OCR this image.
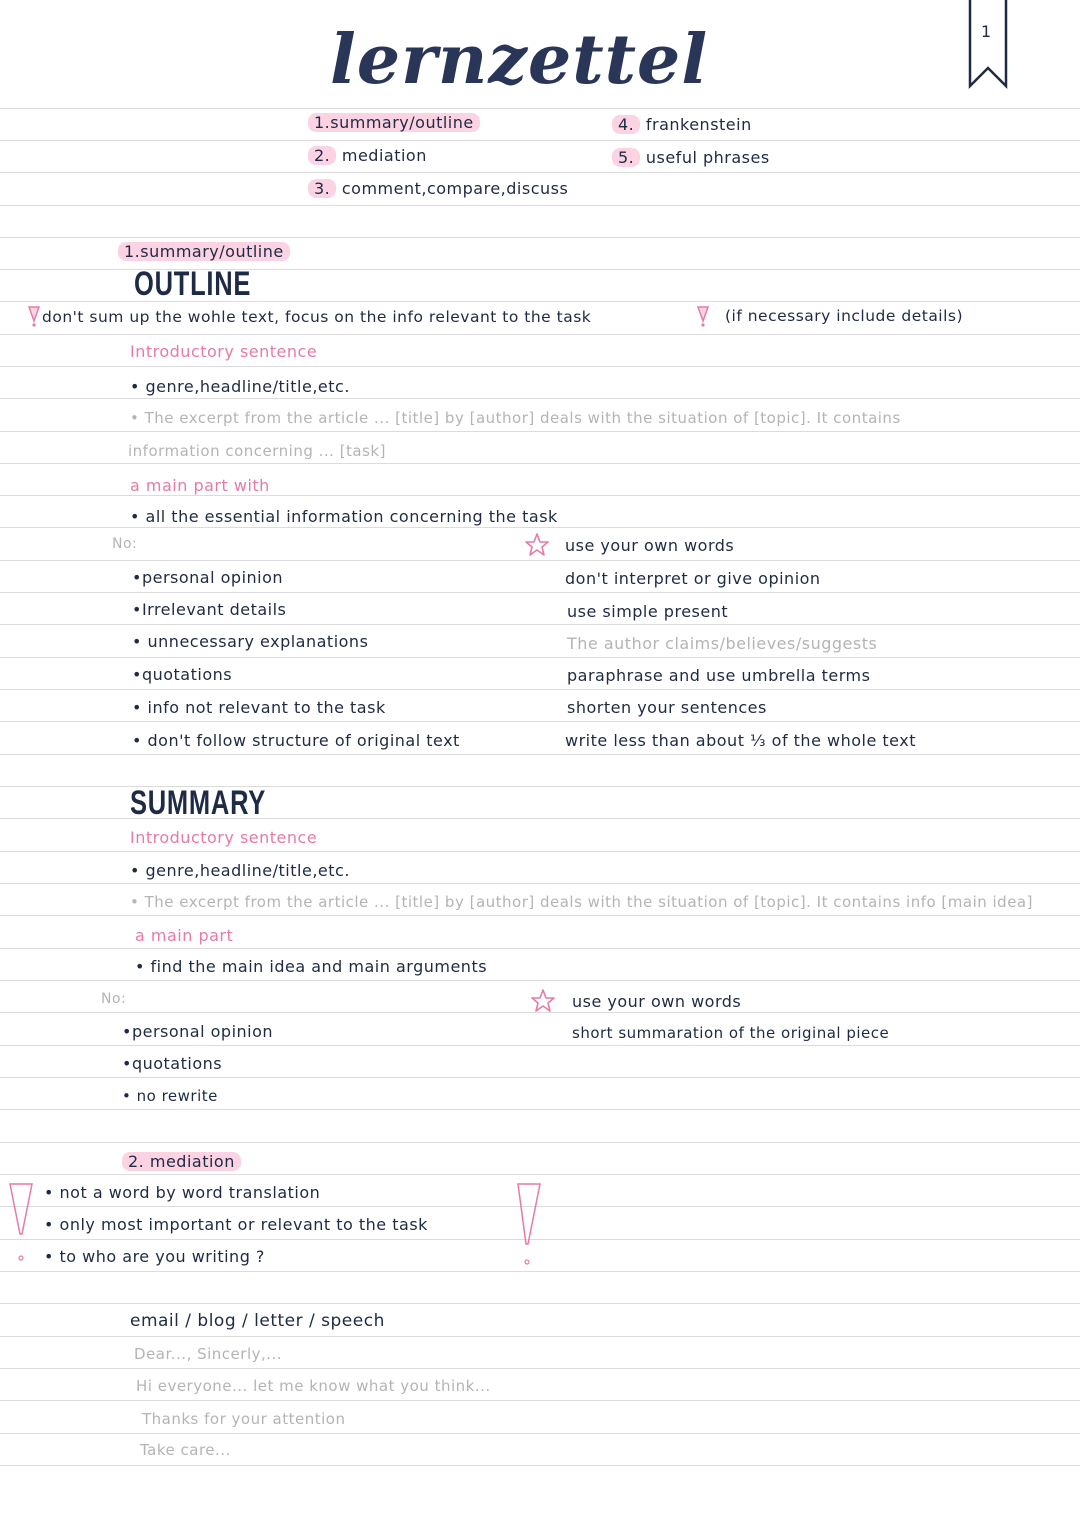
1
lernzettel
1.summary/outline
2. mediation
3. comment,compare,discuss
4. frankenstein
5. useful phrases
1.summary/outline
OUTLINE
don't sum up the wohle text, focus on the info relevant to the task	(if necessary include details)
Introductory sentence
• genre,headline/title,etc.
• The excerpt from the article ... [title] by [author] deals with the situation of [topic]. It contains
information concerning ... [task]
a main part with
• all the essential information concerning the task
No:
•personal opinion
•Irrelevant details
• unnecessary explanations
•quotations
• info not relevant to the task
• don't follow structure of original text
use your own words
don't interpret or give opinion
use simple present
The author claims/believes/suggests
paraphrase and use umbrella terms
shorten your sentences
write less than about ⅓ of the whole text
SUMMARY
Introductory sentence
• genre,headline/title,etc.
• The excerpt from the article ... [title] by [author] deals with the situation of [topic]. It contains info [main idea]
a main part
• find the main idea and main arguments
No:
•personal opinion
•quotations
• no rewrite
use your own words
short summaration of the original piece
2. mediation
• not a word by word translation
• only most important or relevant to the task
• to who are you writing ?
email / blog / letter / speech
Dear..., Sincerly,...
Hi everyone... let me know what you think...
Thanks for your attention
Take care...
